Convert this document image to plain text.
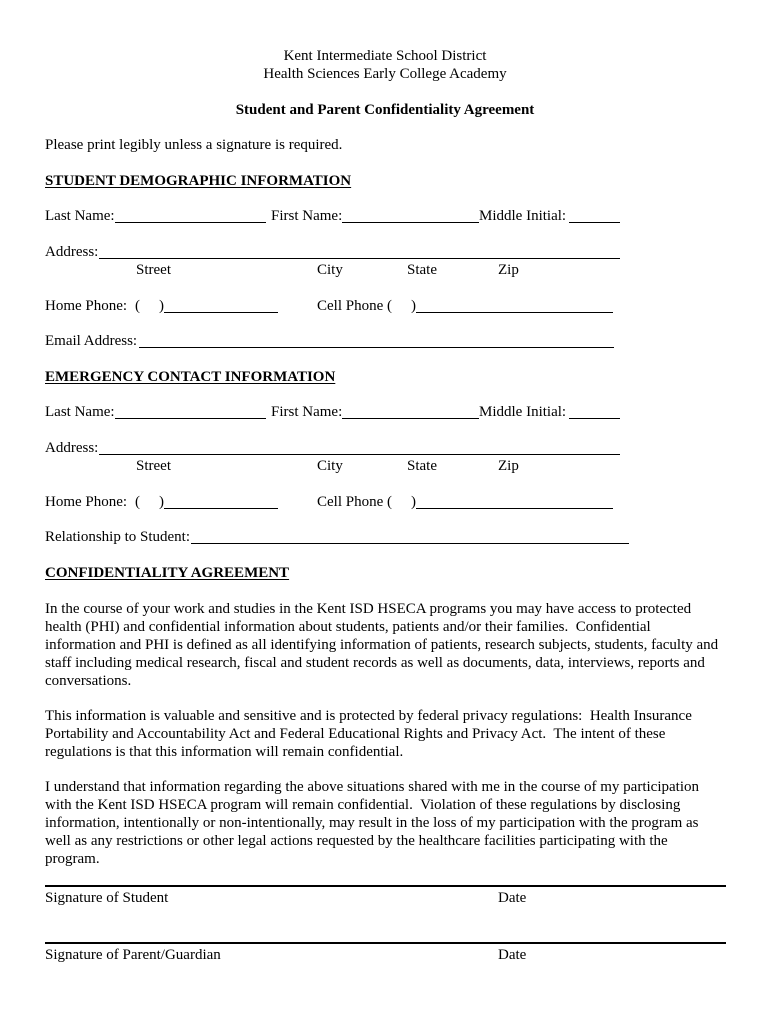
Kent Intermediate School District
Health Sciences Early College Academy
Student and Parent Confidentiality Agreement
Please print legibly unless a signature is required.
STUDENT DEMOGRAPHIC INFORMATION
Last Name:	First Name:	Middle Initial:
Address:
Street	City	State	Zip
Home Phone: ( )	Cell Phone ( )
Email Address:
EMERGENCY CONTACT INFORMATION
Last Name:	First Name:	Middle Initial:
Address:
Street	City	State	Zip
Home Phone: ( )	Cell Phone ( )
Relationship to Student:
CONFIDENTIALITY AGREEMENT
In the course of your work and studies in the Kent ISD HSECA programs you may have access to protected
health (PHI) and confidential information about students, patients and/or their families.  Confidential
information and PHI is defined as all identifying information of patients, research subjects, students, faculty and
staff including medical research, fiscal and student records as well as documents, data, interviews, reports and
conversations.
This information is valuable and sensitive and is protected by federal privacy regulations:  Health Insurance
Portability and Accountability Act and Federal Educational Rights and Privacy Act.  The intent of these
regulations is that this information will remain confidential.
I understand that information regarding the above situations shared with me in the course of my participation
with the Kent ISD HSECA program will remain confidential.  Violation of these regulations by disclosing
information, intentionally or non-intentionally, may result in the loss of my participation with the program as
well as any restrictions or other legal actions requested by the healthcare facilities participating with the
program.
Signature of Student	Date
Signature of Parent/Guardian	Date
